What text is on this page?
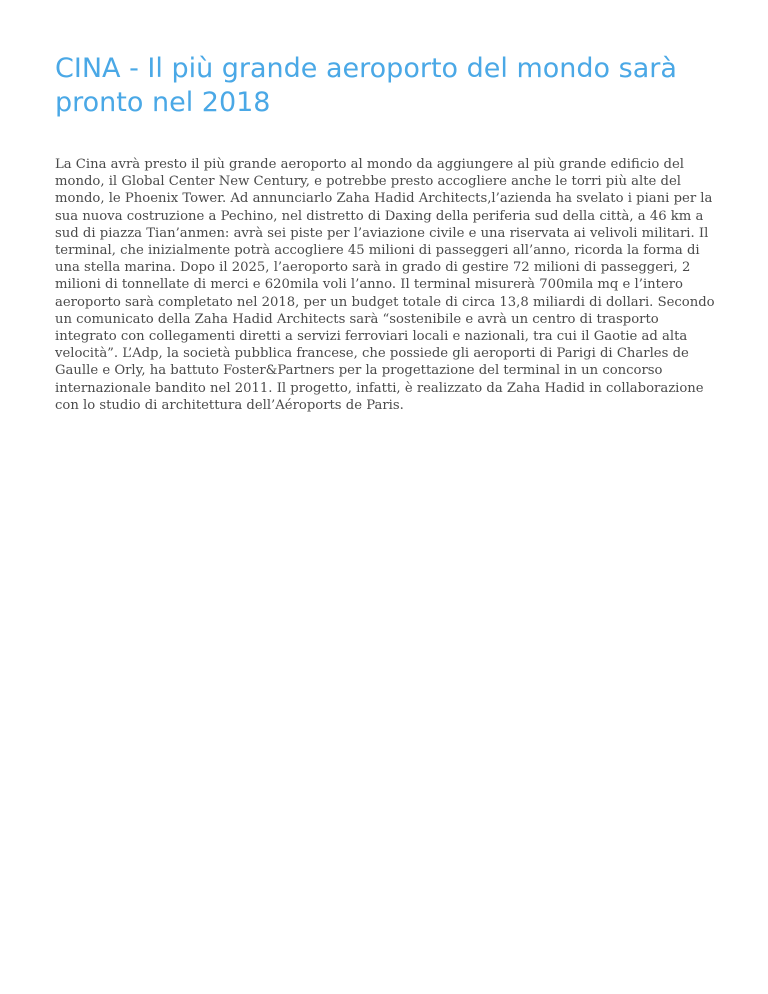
CINA - Il più grande aeroporto del mondo sarà pronto nel 2018

La Cina avrà presto il più grande aeroporto al mondo da aggiungere al più grande edificio del mondo, il Global Center New Century, e potrebbe presto accogliere anche le torri più alte del mondo, le Phoenix Tower. Ad annunciarlo Zaha Hadid Architects,l’azienda ha svelato i piani per la sua nuova costruzione a Pechino, nel distretto di Daxing della periferia sud della città, a 46 km a sud di piazza Tian’anmen: avrà sei piste per l’aviazione civile e una riservata ai velivoli militari. Il terminal, che inizialmente potrà accogliere 45 milioni di passeggeri all’anno, ricorda la forma di una stella marina. Dopo il 2025, l’aeroporto sarà in grado di gestire 72 milioni di passeggeri, 2 milioni di tonnellate di merci e 620mila voli l’anno. Il terminal misurerà 700mila mq e l’intero aeroporto sarà completato nel 2018, per un budget totale di circa 13,8 miliardi di dollari. Secondo un comunicato della Zaha Hadid Architects sarà “sostenibile e avrà un centro di trasporto integrato con collegamenti diretti a servizi ferroviari locali e nazionali, tra cui il Gaotie ad alta velocità”. L’Adp, la società pubblica francese, che possiede gli aeroporti di Parigi di Charles de Gaulle e Orly, ha battuto Foster&Partners per la progettazione del terminal in un concorso internazionale bandito nel 2011. Il progetto, infatti, è realizzato da Zaha Hadid in collaborazione con lo studio di architettura dell’Aéroports de Paris.
